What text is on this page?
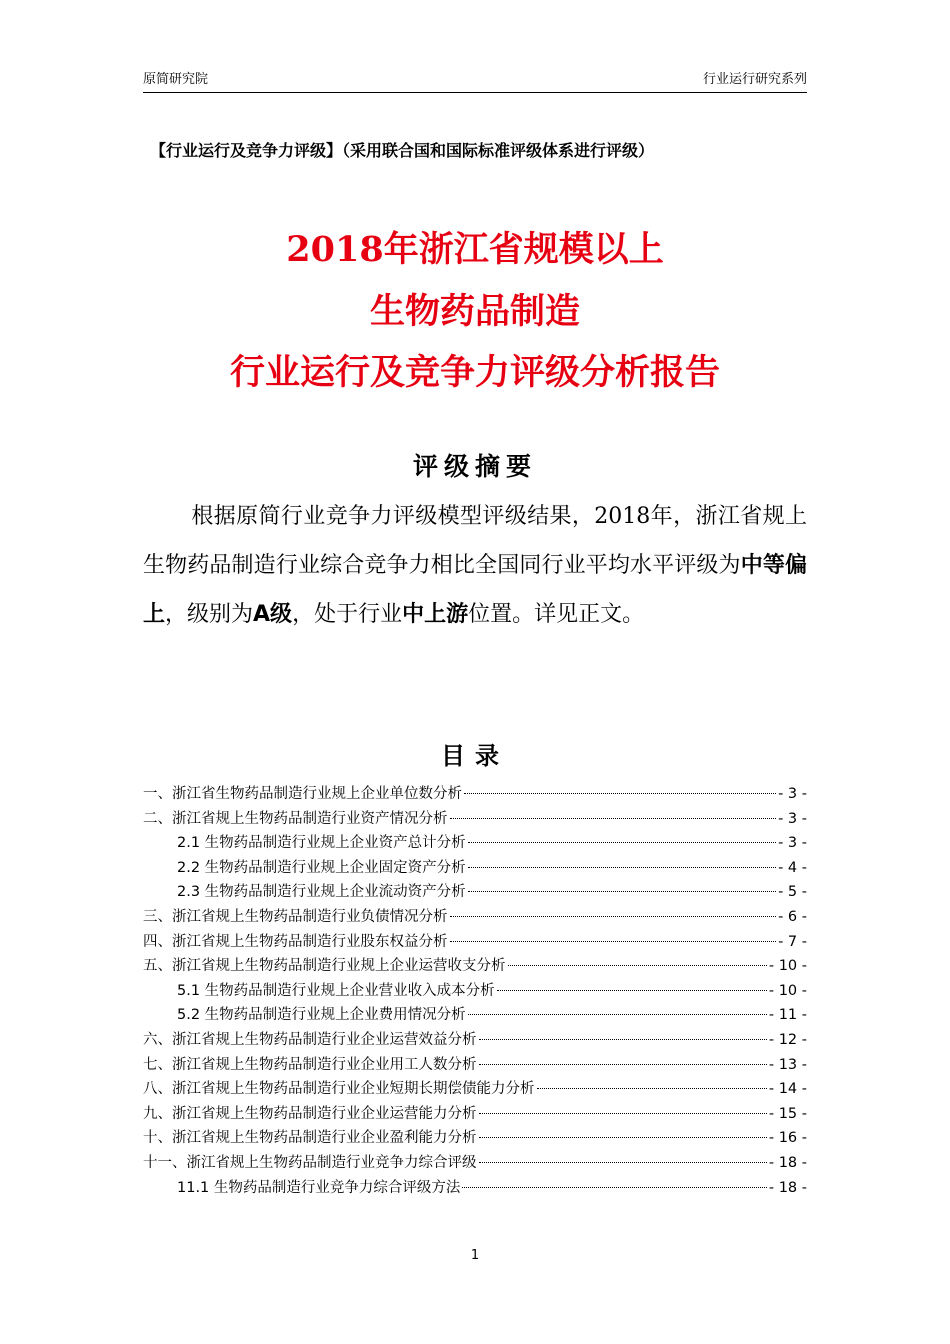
原简研究院	行业运行研究系列
【行业运行及竞争力评级】（采用联合国和国际标准评级体系进行评级）
2018年浙江省规模以上
生物药品制造
行业运行及竞争力评级分析报告
评级摘要
根据原简行业竞争力评级模型评级结果，2018年，浙江省规上生物药品制造行业综合竞争力相比全国同行业平均水平评级为中等偏上，级别为A级，处于行业中上游位置。详见正文。
目录
一、浙江省生物药品制造行业规上企业单位数分析	- 3 -
二、浙江省规上生物药品制造行业资产情况分析	- 3 -
2.1 生物药品制造行业规上企业资产总计分析	- 3 -
2.2 生物药品制造行业规上企业固定资产分析	- 4 -
2.3 生物药品制造行业规上企业流动资产分析	- 5 -
三、浙江省规上生物药品制造行业负债情况分析	- 6 -
四、浙江省规上生物药品制造行业股东权益分析	- 7 -
五、浙江省规上生物药品制造行业规上企业运营收支分析	- 10 -
5.1 生物药品制造行业规上企业营业收入成本分析	- 10 -
5.2 生物药品制造行业规上企业费用情况分析	- 11 -
六、浙江省规上生物药品制造行业企业运营效益分析	- 12 -
七、浙江省规上生物药品制造行业企业用工人数分析	- 13 -
八、浙江省规上生物药品制造行业企业短期长期偿债能力分析	- 14 -
九、浙江省规上生物药品制造行业企业运营能力分析	- 15 -
十、浙江省规上生物药品制造行业企业盈利能力分析	- 16 -
十一、浙江省规上生物药品制造行业竞争力综合评级	- 18 -
11.1 生物药品制造行业竞争力综合评级方法	- 18 -
1
